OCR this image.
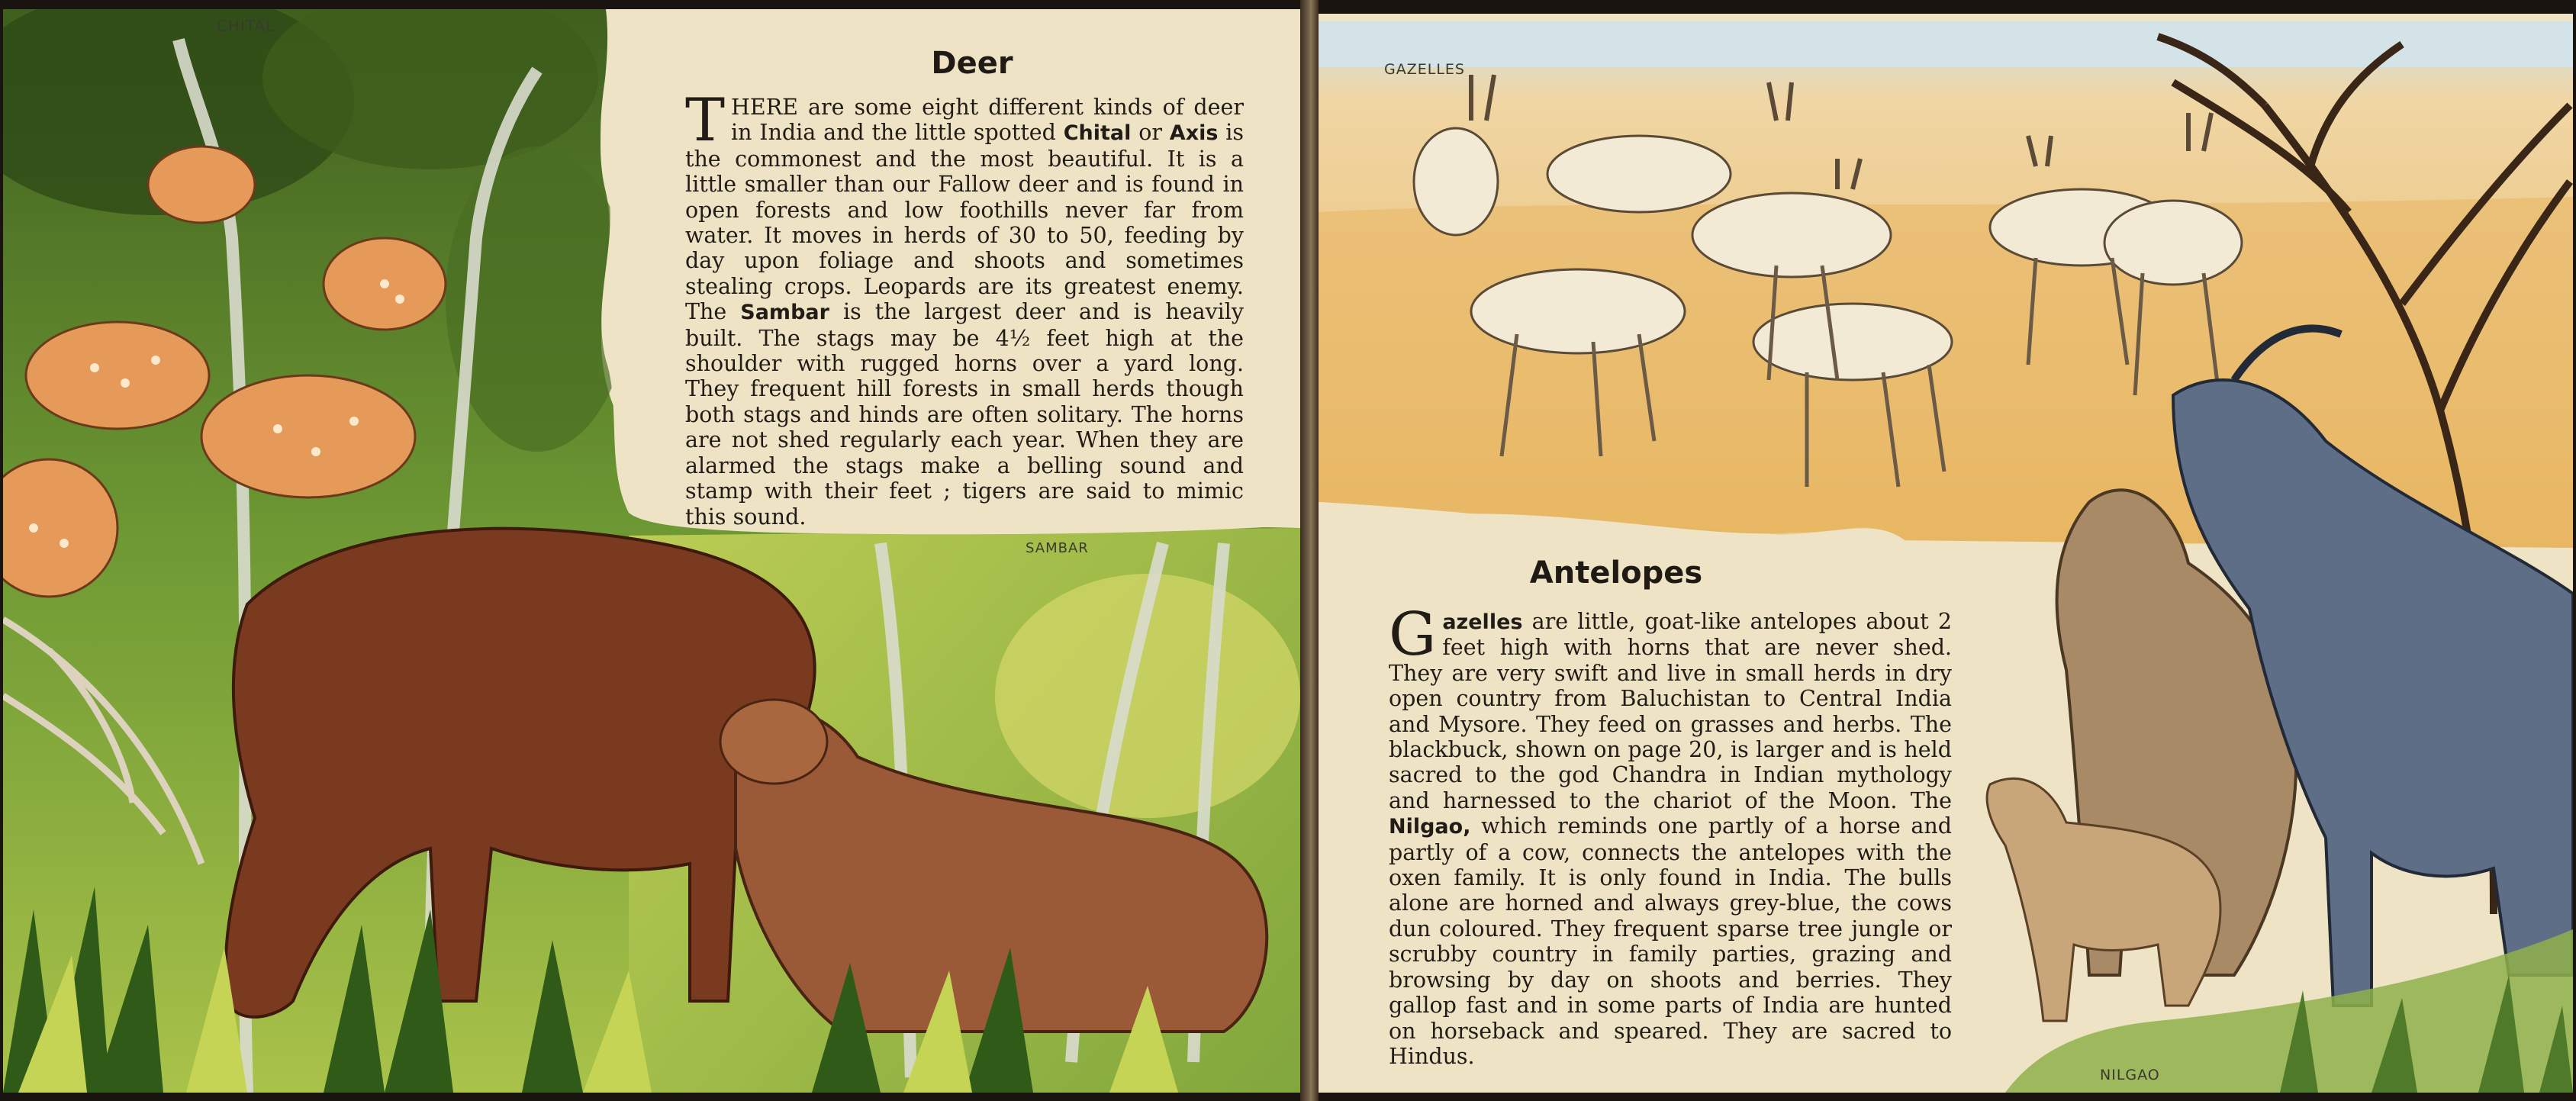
CHITAL
SAMBAR
Deer
T HERE are some eight different kinds of deer in India and the little spotted Chital or Axis is the commonest and the most beautiful. It is a little smaller than our Fallow deer and is found in open forests and low foothills never far from water. It moves in herds of 30 to 50, feeding by day upon foliage and shoots and sometimes stealing crops. Leopards are its greatest enemy. The Sambar is the largest deer and is heavily built. The stags may be 4½ feet high at the shoulder with rugged horns over a yard long. They frequent hill forests in small herds though both stags and hinds are often solitary. The horns are not shed regularly each year. When they are alarmed the stags make a belling sound and stamp with their feet ; tigers are said to mimic this sound.
GAZELLES
NILGAO
Antelopes
G azelles are little, goat-like antelopes about 2 feet high with horns that are never shed. They are very swift and live in small herds in dry open country from Baluchistan to Central India and Mysore. They feed on grasses and herbs. The blackbuck, shown on page 20, is larger and is held sacred to the god Chandra in Indian mythology and harnessed to the chariot of the Moon. The Nilgao, which reminds one partly of a horse and partly of a cow, connects the antelopes with the oxen family. It is only found in India. The bulls alone are horned and always grey-blue, the cows dun coloured. They frequent sparse tree jungle or scrubby country in family parties, grazing and browsing by day on shoots and berries. They gallop fast and in some parts of India are hunted on horseback and speared. They are sacred to Hindus.
